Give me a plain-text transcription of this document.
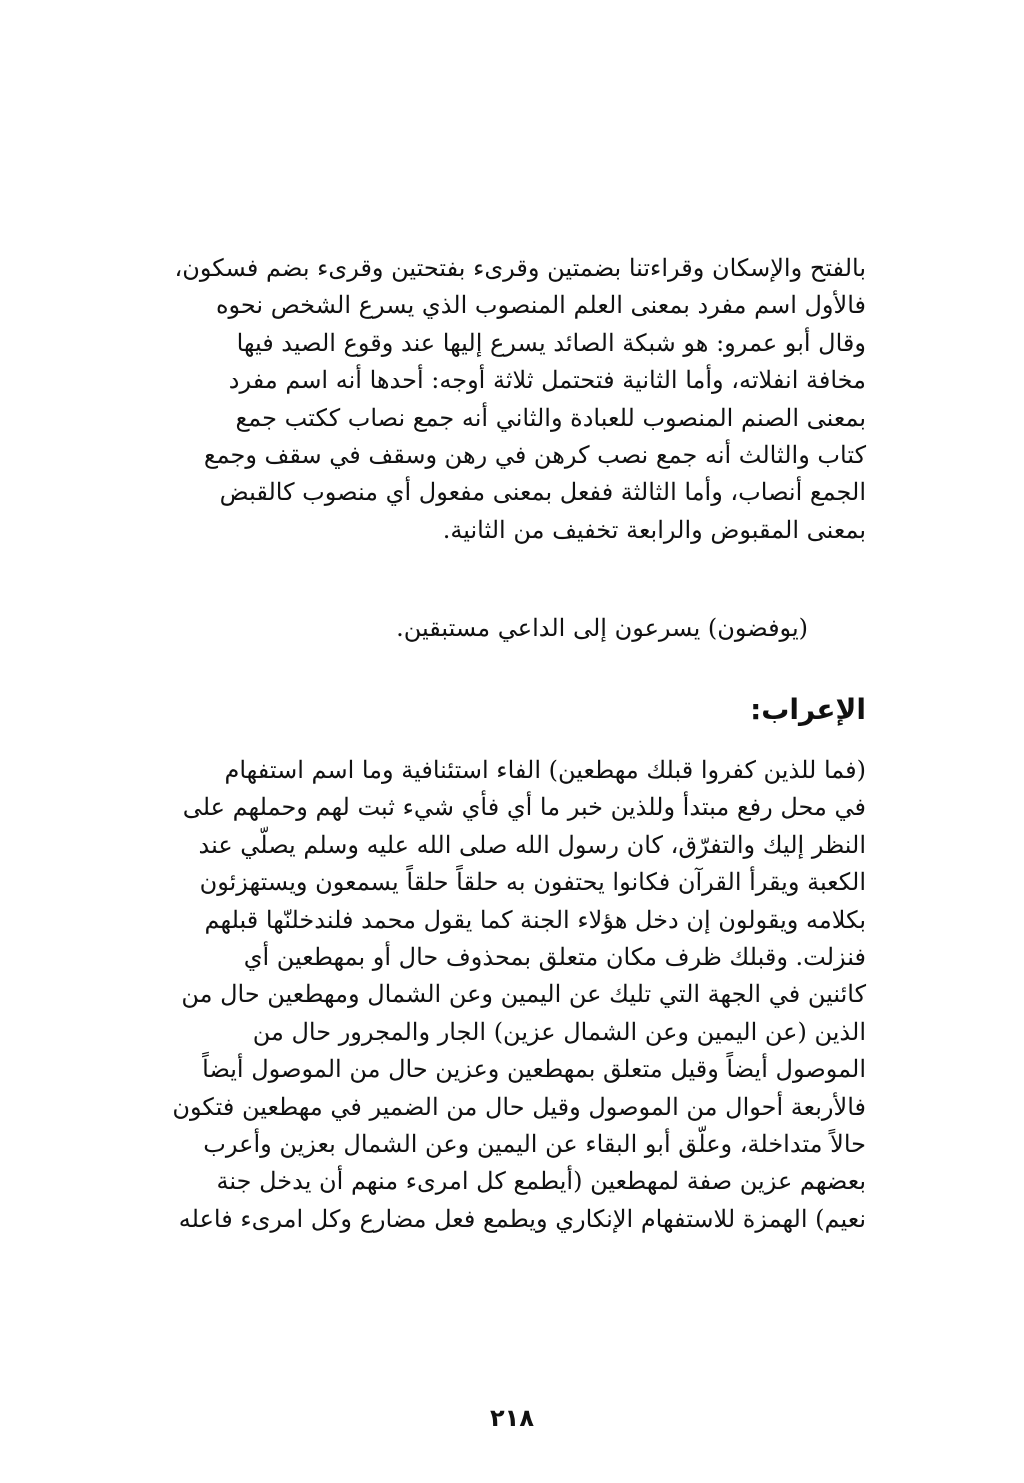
بالفتح والإسكان وقراءتنا بضمتين وقرىء بفتحتين وقرىء بضم فسكون،
فالأول اسم مفرد بمعنى العلم المنصوب الذي يسرع الشخص نحوه
وقال أبو عمرو: هو شبكة الصائد يسرع إليها عند وقوع الصيد فيها
مخافة انفلاته، وأما الثانية فتحتمل ثلاثة أوجه: أحدها أنه اسم مفرد
بمعنى الصنم المنصوب للعبادة والثاني أنه جمع نصاب ككتب جمع
كتاب والثالث أنه جمع نصب كرهن في رهن وسقف في سقف وجمع
الجمع أنصاب، وأما الثالثة ففعل بمعنى مفعول أي منصوب كالقبض
بمعنى المقبوض والرابعة تخفيف من الثانية.
(يوفضون) يسرعون إلى الداعي مستبقين.
الإعراب:
(فما للذين كفروا قبلك مهطعين) الفاء استئنافية وما اسم استفهام
في محل رفع مبتدأ وللذين خبر ما أي فأي شيء ثبت لهم وحملهم على
النظر إليك والتفرّق، كان رسول الله صلى الله عليه وسلم يصلّي عند
الكعبة ويقرأ القرآن فكانوا يحتفون به حلقاً حلقاً يسمعون ويستهزئون
بكلامه ويقولون إن دخل هؤلاء الجنة كما يقول محمد فلندخلنّها قبلهم
فنزلت. وقبلك ظرف مكان متعلق بمحذوف حال أو بمهطعين أي
كائنين في الجهة التي تليك عن اليمين وعن الشمال ومهطعين حال من
الذين (عن اليمين وعن الشمال عزين) الجار والمجرور حال من
الموصول أيضاً وقيل متعلق بمهطعين وعزين حال من الموصول أيضاً
فالأربعة أحوال من الموصول وقيل حال من الضمير في مهطعين فتكون
حالاً متداخلة، وعلّق أبو البقاء عن اليمين وعن الشمال بعزين وأعرب
بعضهم عزين صفة لمهطعين (أيطمع كل امرىء منهم أن يدخل جنة
نعيم) الهمزة للاستفهام الإنكاري ويطمع فعل مضارع وكل امرىء فاعله
٢١٨
